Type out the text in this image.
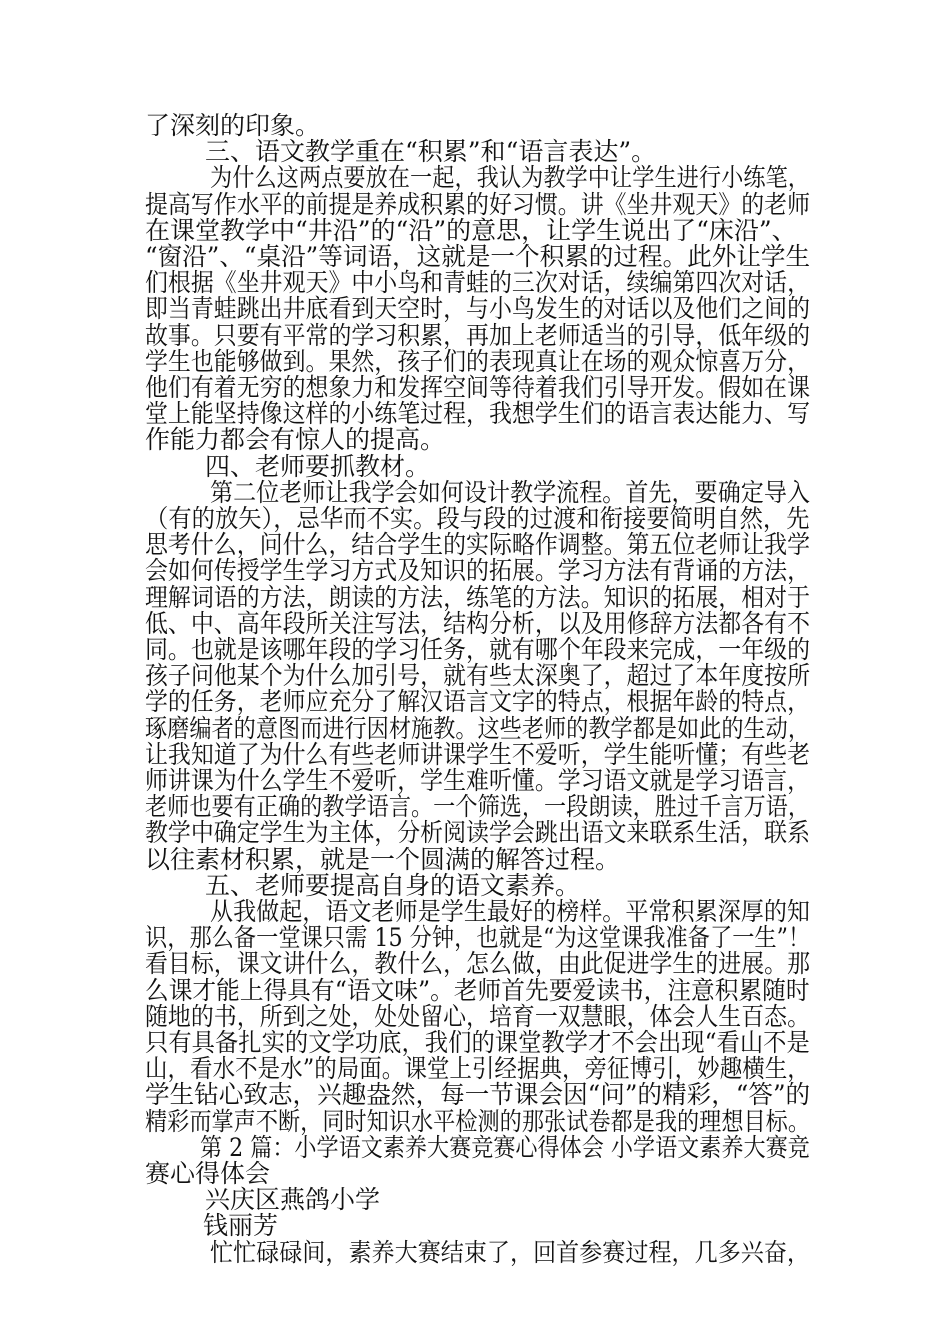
了深刻的印象。
三、语文教学重在“积累”和“语言表达”。
为什么这两点要放在一起，我认为教学中让学生进行小练笔，
提高写作水平的前提是养成积累的好习惯。讲《坐井观天》的老师
在课堂教学中“井沿”的“沿”的意思，让学生说出了“床沿”、
“窗沿”、“桌沿”等词语，这就是一个积累的过程。此外让学生
们根据《坐井观天》中小鸟和青蛙的三次对话，续编第四次对话，
即当青蛙跳出井底看到天空时，与小鸟发生的对话以及他们之间的
故事。只要有平常的学习积累，再加上老师适当的引导，低年级的
学生也能够做到。果然，孩子们的表现真让在场的观众惊喜万分，
他们有着无穷的想象力和发挥空间等待着我们引导开发。假如在课
堂上能坚持像这样的小练笔过程，我想学生们的语言表达能力、写
作能力都会有惊人的提高。
四、老师要抓教材。
第二位老师让我学会如何设计教学流程。首先，要确定导入
（有的放矢），忌华而不实。段与段的过渡和衔接要简明自然，先
思考什么，问什么，结合学生的实际略作调整。第五位老师让我学
会如何传授学生学习方式及知识的拓展。学习方法有背诵的方法，
理解词语的方法，朗读的方法，练笔的方法。知识的拓展，相对于
低、中、高年段所关注写法，结构分析，以及用修辞方法都各有不
同。也就是该哪年段的学习任务，就有哪个年段来完成，一年级的
孩子问他某个为什么加引号，就有些太深奥了，超过了本年度按所
学的任务，老师应充分了解汉语言文字的特点，根据年龄的特点，
琢磨编者的意图而进行因材施教。这些老师的教学都是如此的生动，
让我知道了为什么有些老师讲课学生不爱听，学生能听懂；有些老
师讲课为什么学生不爱听，学生难听懂。学习语文就是学习语言，
老师也要有正确的教学语言。一个筛选，一段朗读，胜过千言万语，
教学中确定学生为主体，分析阅读学会跳出语文来联系生活，联系
以往素材积累，就是一个圆满的解答过程。
五、老师要提高自身的语文素养。
从我做起，语文老师是学生最好的榜样。平常积累深厚的知
识，那么备一堂课只需 15 分钟，也就是“为这堂课我准备了一生”！
看目标，课文讲什么，教什么，怎么做，由此促进学生的进展。那
么课才能上得具有“语文味”。老师首先要爱读书，注意积累随时
随地的书，所到之处，处处留心，培育一双慧眼，体会人生百态。
只有具备扎实的文学功底，我们的课堂教学才不会出现“看山不是
山，看水不是水”的局面。课堂上引经据典，旁征博引，妙趣横生，
学生钻心致志，兴趣盎然，每一节课会因“问”的精彩，“答”的
精彩而掌声不断，同时知识水平检测的那张试卷都是我的理想目标。
第 2 篇：小学语文素养大赛竞赛心得体会 小学语文素养大赛竞
赛心得体会
兴庆区燕鸽小学
钱丽芳
忙忙碌碌间，素养大赛结束了，回首参赛过程，几多兴奋，
